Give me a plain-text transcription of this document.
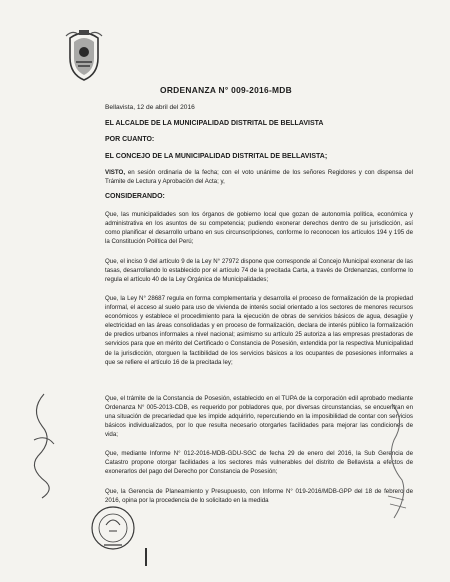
ORDENANZA N° 009-2016-MDB
Bellavista, 12 de abril del 2016
EL ALCALDE DE LA MUNICIPALIDAD DISTRITAL DE BELLAVISTA
POR CUANTO:
EL CONCEJO DE LA MUNICIPALIDAD DISTRITAL DE BELLAVISTA;
VISTO, en sesión ordinaria de la fecha; con el voto unánime de los señores Regidores y con dispensa del Trámite de Lectura y Aprobación del Acta; y,
CONSIDERANDO:
Que, las municipalidades son los órganos de gobierno local que gozan de autonomía política, económica y administrativa en los asuntos de su competencia; pudiendo exonerar derechos dentro de su jurisdicción, así como planificar el desarrollo urbano en sus circunscripciones, conforme lo reconocen los artículos 194 y 195 de la Constitución Política del Perú;
Que, el inciso 9 del artículo 9 de la Ley N° 27972 dispone que corresponde al Concejo Municipal exonerar de las tasas, desarrollando lo establecido por el artículo 74 de la precitada Carta, a través de Ordenanzas, conforme lo regula el artículo 40 de la Ley Orgánica de Municipalidades;
Que, la Ley N° 28687 regula en forma complementaria y desarrolla el proceso de formalización de la propiedad informal, el acceso al suelo para uso de vivienda de interés social orientado a los sectores de menores recursos económicos y establece el procedimiento para la ejecución de obras de servicios básicos de agua, desagüe y electricidad en las áreas consolidadas y en proceso de formalización, declara de interés público la formalización de predios urbanos informales a nivel nacional; asimismo su artículo 25 autoriza a las empresas prestadoras de servicios para que en mérito del Certificado o Constancia de Posesión, extendida por la respectiva Municipalidad de la jurisdicción, otorguen la factibilidad de los servicios básicos a los ocupantes de posesiones informales a que se refiere el artículo 16 de la precitada ley;
Que, el trámite de la Constancia de Posesión, establecido en el TUPA de la corporación edil aprobado mediante Ordenanza N° 005-2013-CDB, es requerido por pobladores que, por diversas circunstancias, se encuentran en una situación de precariedad que les impide adquirirlo, repercutiendo en la imposibilidad de contar con servicios básicos individualizados, por lo que resulta necesario otorgarles facilidades para mejorar las condiciones de vida;
Que, mediante Informe N° 012-2016-MDB-GDU-SGC de fecha 29 de enero del 2016, la Sub Gerencia de Catastro propone otorgar facilidades a los sectores más vulnerables del distrito de Bellavista a efectos de exonerarlos del pago del Derecho por Constancia de Posesión;
Que, la Gerencia de Planeamiento y Presupuesto, con Informe N° 019-2016/MDB-GPP del 18 de febrero de 2016, opina por la procedencia de lo solicitado en la medida
